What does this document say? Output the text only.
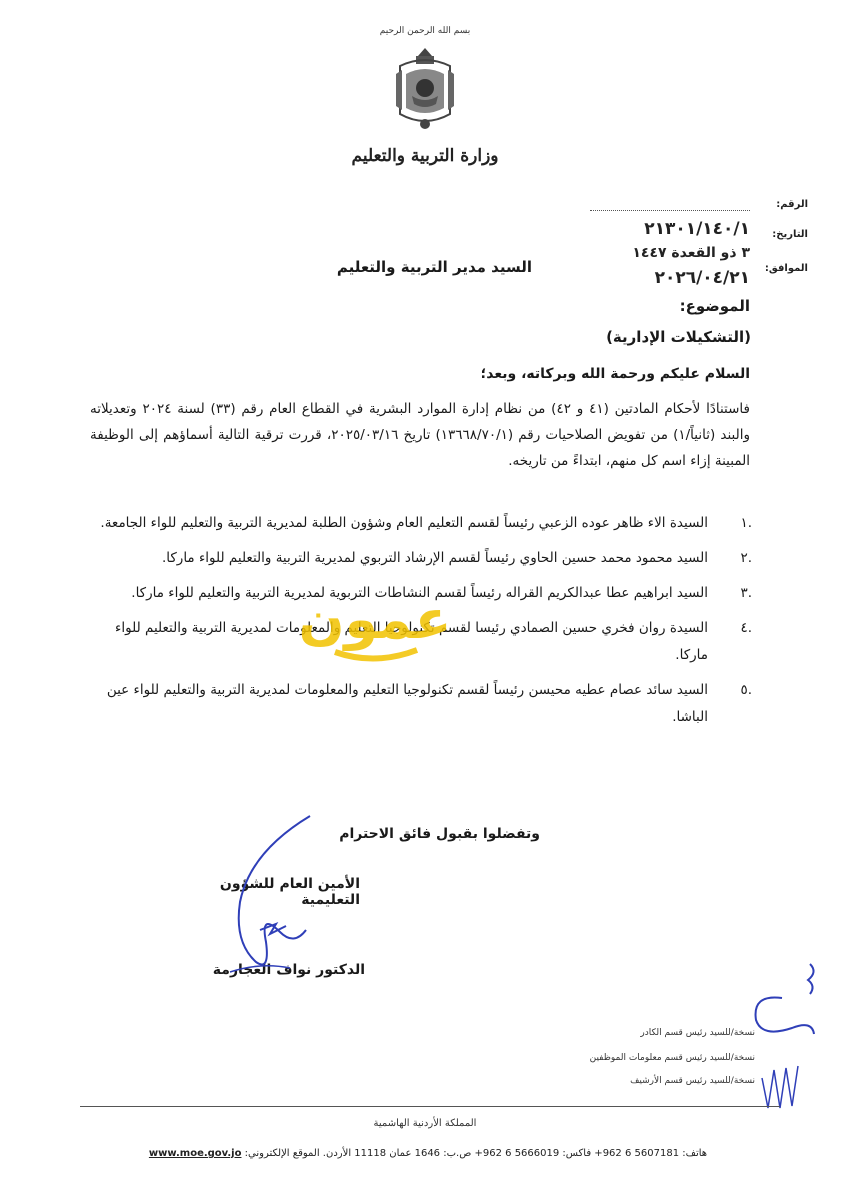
بسم الله الرحمن الرحيم
وزارة التربية والتعليم
الرقم:
التاريخ:
الموافق:
٢١٣٠١/١٤٠/١
٣ ذو القعدة ١٤٤٧
٢٠٢٦/٠٤/٢١
السيد مدير التربية والتعليم
الموضوع:
(التشكيلات الإدارية)
السلام عليكم ورحمة الله وبركاته، وبعد؛
فاستنادًا لأحكام المادتين (٤١ و ٤٢) من نظام إدارة الموارد البشرية في القطاع العام رقم (٣٣) لسنة ٢٠٢٤ وتعديلاته والبند (ثانياً/١) من تفويض الصلاحيات رقم (١٣٦٦٨/٧٠/١) تاريخ ٢٠٢٥/٠٣/١٦، قررت ترقية التالية أسماؤهم إلى الوظيفة المبينة إزاء اسم كل منهم، ابتداءً من تاريخه.
.١
السيدة الاء ظاهر عوده الزعبي رئيساً لقسم التعليم العام وشؤون الطلبة لمديرية التربية والتعليم للواء الجامعة.
.٢
السيد محمود محمد حسين الحاوي رئيساً لقسم الإرشاد التربوي لمديرية التربية والتعليم للواء ماركا.
.٣
السيد ابراهيم عطا عبدالكريم القراله رئيساً لقسم النشاطات التربوية لمديرية التربية والتعليم للواء ماركا.
.٤
السيدة روان فخري حسين الصمادي رئيسا لقسم تكنولوجيا التعليم والمعلومات لمديرية التربية والتعليم للواء ماركا.
.٥
السيد سائد عصام عطيه محيسن رئيساً لقسم تكنولوجيا التعليم والمعلومات لمديرية التربية والتعليم للواء عين الباشا.
عمون
وتفضلوا بقبول فائق الاحترام
الأمين العام للشؤون التعليمية
الدكتور نواف العجارمة
نسخة/للسيد رئيس قسم الكادر
نسخة/للسيد رئيس قسم معلومات الموظفين
نسخة/للسيد رئيس قسم الأرشيف
المملكة الأردنية الهاشمية
هاتف: 5607181 6 962+ فاكس: 5666019 6 962+ ص.ب: 1646 عمان 11118 الأردن. الموقع الإلكتروني: www.moe.gov.jo
